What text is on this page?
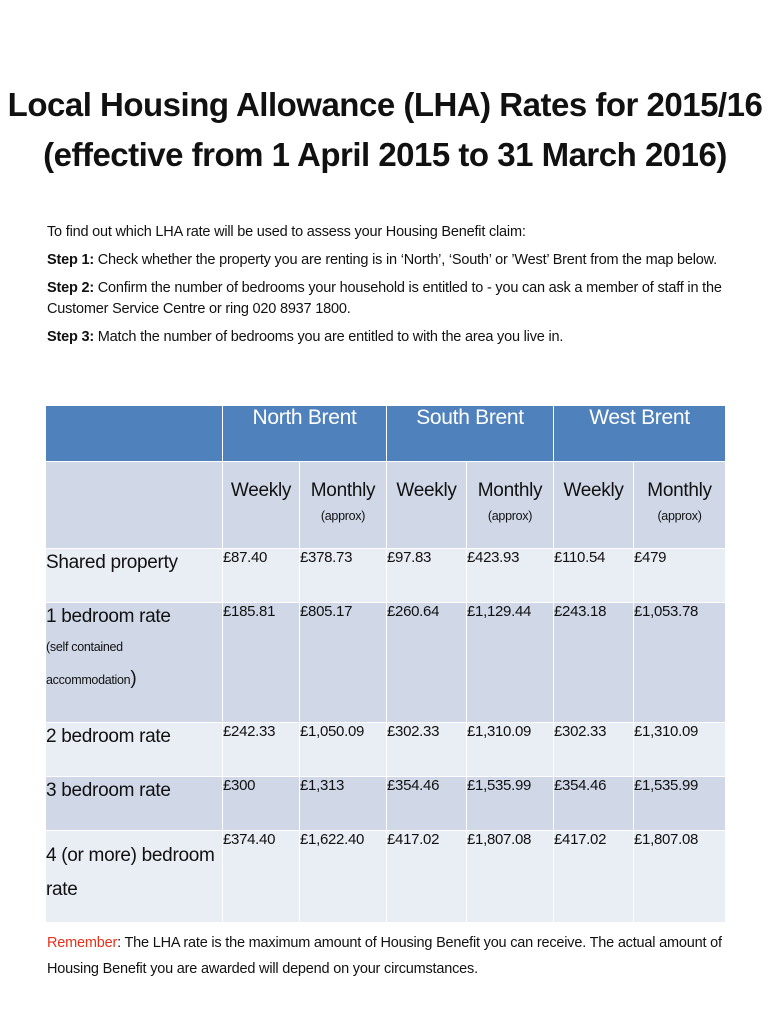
Local Housing Allowance (LHA) Rates for 2015/16
(effective from 1 April 2015 to 31 March 2016)

To find out which LHA rate will be used to assess your Housing Benefit claim:

Step 1: Check whether the property you are renting is in ‘North’, ‘South’ or ’West’ Brent from the map below.

Step 2: Confirm the number of bedrooms your household is entitled to - you can ask a member of staff in the Customer Service Centre or ring 020 8937 1800.

Step 3: Match the number of bedrooms you are entitled to with the area you live in.

	North Brent		South Brent		West Brent	

	Weekly	Monthly
(approx)	Weekly	Monthly
(approx)	Weekly	Monthly
(approx)

Shared property	£87.40	£378.73	£97.83	£423.93	£110.54	£479
1 bedroom rate
(self contained
accommodation)	£185.81	£805.17	£260.64	£1,129.44	£243.18	£1,053.78
2 bedroom rate	£242.33	£1,050.09	£302.33	£1,310.09	£302.33	£1,310.09
3 bedroom rate	£300	£1,313	£354.46	£1,535.99	£354.46	£1,535.99
4 (or more) bedroom
rate	£374.40	£1,622.40	£417.02	£1,807.08	£417.02	£1,807.08
Remember: The LHA rate is the maximum amount of Housing Benefit you can receive. The actual amount of Housing Benefit you are awarded will depend on your circumstances.
